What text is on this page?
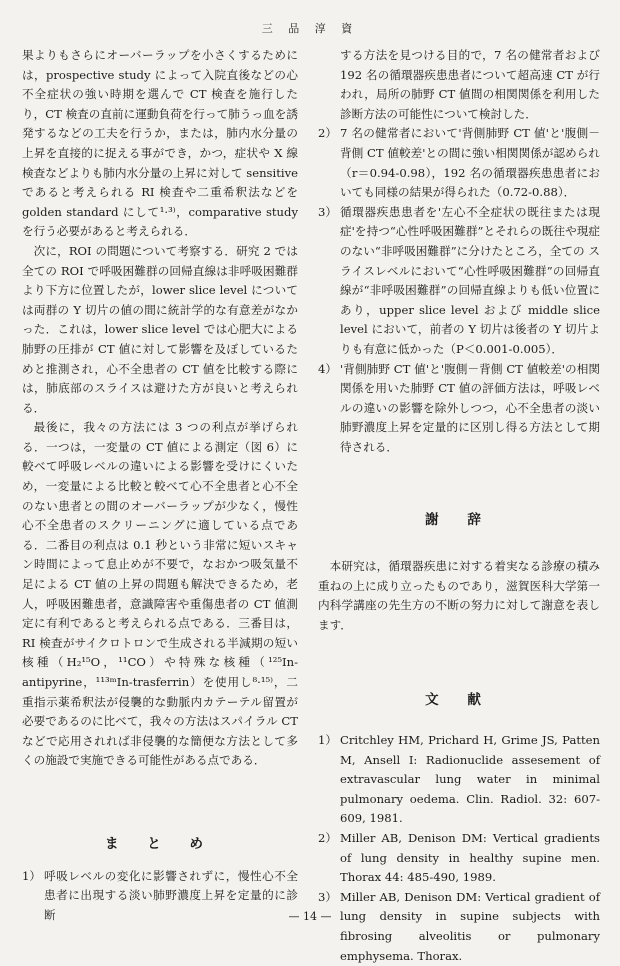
三 品 淳 資

果よりもさらにオーバーラップを小さくするためには，prospective study によって入院直後などの心不全症状の強い時期を選んで CT 検査を施行したり，CT 検査の直前に運動負荷を行って肺うっ血を誘発するなどの工夫を行うか，または，肺内水分量の上昇を直接的に捉える事ができ，かつ，症状や X 線検査などよりも肺内水分量の上昇に対して sensitive であると考えられる RI 検査や二重希釈法などを golden standard にして¹·³⁾，comparative study を行う必要があると考えられる．

次に，ROI の問題について考察する．研究 2 では全ての ROI で呼吸困難群の回帰直線は非呼吸困難群より下方に位置したが，lower slice level については両群の Y 切片の値の間に統計学的な有意差がなかった．これは，lower slice level では心肥大による肺野の圧排が CT 値に対して影響を及ぼしているためと推測され，心不全患者の CT 値を比較する際には，肺底部のスライスは避けた方が良いと考えられる．

最後に，我々の方法には 3 つの利点が挙げられる．一つは，一変量の CT 値による測定（図 6）に較べて呼吸レベルの違いによる影響を受けにくいため，一変量による比較と較べて心不全患者と心不全のない患者との間のオーバーラップが少なく，慢性心不全患者のスクリーニングに適している点である．二番目の利点は 0.1 秒という非常に短いスキャン時間によって息止めが不要で，なおかつ吸気量不足による CT 値の上昇の問題も解決できるため，老人，呼吸困難患者，意識障害や重傷患者の CT 値測定に有利であると考えられる点である．三番目は，RI 検査がサイクロトロンで生成される半減期の短い核種（H₂¹⁵O，¹¹CO）や特殊な核種（¹²⁵In-antipyrine，¹¹³ᵐIn-trasferrin）を使用し⁸·¹⁵⁾，二重指示薬希釈法が侵襲的な動脈内カテーテル留置が必要であるのに比べて，我々の方法はスパイラル CT などで応用されれば非侵襲的な簡便な方法として多くの施設で実施できる可能性がある点である．

ま と め
1） 呼吸レベルの変化に影響されずに，慢性心不全患者に出現する淡い肺野濃度上昇を定量的に診断

する方法を見つける目的で，7 名の健常者および 192 名の循環器疾患患者について超高速 CT が行われ，局所の肺野 CT 値間の相関関係を利用した診断方法の可能性について検討した．

2） 7 名の健常者において'背側肺野 CT 値'と'腹側－背側 CT 値較差'との間に強い相関関係が認められ（r＝0.94-0.98），192 名の循環器疾患患者においても同様の結果が得られた（0.72-0.88）．
3） 循環器疾患患者を'左心不全症状の既往または現症'を持つ“心性呼吸困難群”とそれらの既往や現症のない“非呼吸困難群”に分けたところ，全ての スライスレベルにおいて“心性呼吸困難群”の回帰直線が“非呼吸困難群”の回帰直線よりも低い位置にあり，upper slice level および middle slice level において，前者の Y 切片は後者の Y 切片よりも有意に低かった（P＜0.001-0.005）．
4） '背側肺野 CT 値'と'腹側－背側 CT 値較差'の相関関係を用いた肺野 CT 値の評価方法は，呼吸レベルの違いの影響を除外しつつ，心不全患者の淡い肺野濃度上昇を定量的に区別し得る方法として期待される．
謝 辞

本研究は，循環器疾患に対する着実なる診療の積み重ねの上に成り立ったものであり，滋賀医科大学第一内科学講座の先生方の不断の努力に対して謝意を表します．

文 献
1） Critchley HM, Prichard H, Grime JS, Patten M, Ansell I: Radionuclide assesement of extravascular lung water in minimal pulmonary oedema. Clin. Radiol. 32: 607-609, 1981.
2） Miller AB, Denison DM: Vertical gradients of lung density in healthy supine men. Thorax 44: 485-490, 1989.
3） Miller AB, Denison DM: Vertical gradient of lung density in supine subjects with fibrosing alveolitis or pulmonary emphysema. Thorax.
— 14 —
